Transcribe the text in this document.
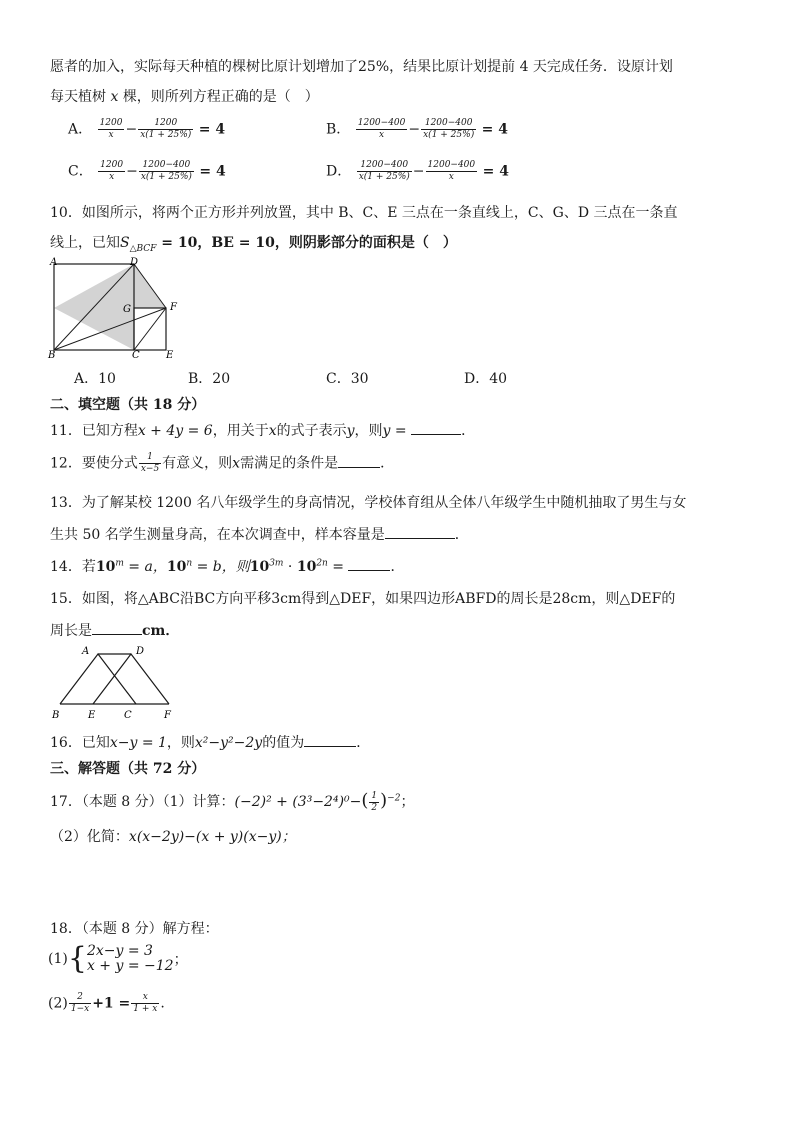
愿者的加入，实际每天种植的棵树比原计划增加了25%，结果比原计划提前 4 天完成任务．设原计划
每天植树 x 棵，则所列方程正确的是（　）
A． $\frac{1200}{x} - \frac{1200}{x(1 + 25\%)} = 4$	B． $\frac{1200-400}{x} - \frac{1200-400}{x(1 + 25\%)} = 4$
C． $\frac{1200}{x} - \frac{1200-400}{x(1 + 25\%)} = 4$	D． $\frac{1200-400}{x(1 + 25\%)} - \frac{1200-400}{x} = 4$
10．如图所示，将两个正方形并列放置，其中 B、C、E 三点在一条直线上，C、G、D 三点在一条直
线上，已知$S_{\triangle BCF} = 10$，BE = 10，则阴影部分的面积是（　）
A	D
G	F
B	C	E
A．10	B．20	C．30	D．40
二、填空题（共 18 分）
11．已知方程x + 4y = 6，用关于x的式子表示y，则y =	．
12．要使分式 $\frac{1}{x-5}$ 有意义，则x需满足的条件是	．
13．为了解某校 1200 名八年级学生的身高情况，学校体育组从全体八年级学生中随机抽取了男生与女
生共 50 名学生测量身高，在本次调查中，样本容量是	．
14．若$10^m = a$，$10^n = b$，则$10^{3m} \cdot 10^{2n}$ =	．
15．如图，将△ABC沿BC方向平移3cm得到△DEF，如果四边形ABFD的周长是28cm，则△DEF的
周长是	cm．
A	D
B	E	C	F
16．已知x−y = 1，则x²−y²−2y的值为	．
三、解答题（共 72 分）
17．（本题 8 分）（1）计算：$(-2)^2 + (3^3-2^4)^0-( \frac{1}{2} )^{-2}$；
（2）化简：x(x−2y)−(x + y)(x−y)；
18．（本题 8 分）解方程：
(1){ 2x−y = 3
x + y = −12 ；
$(2) \frac{2}{1-x} +1 = \frac{x}{1 + x}$ .
